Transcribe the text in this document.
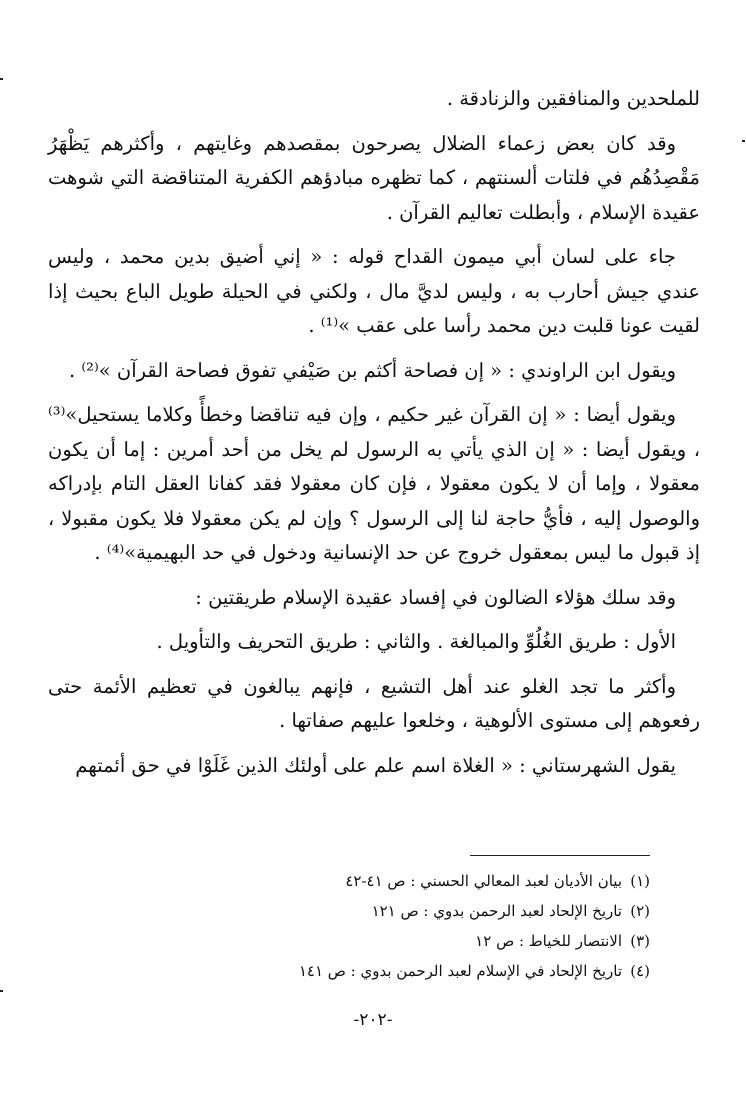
للملحدين والمنافقين والزنادقة .

وقد كان بعض زعماء الضلال يصرحون بمقصدهم وغايتهم ، وأكثرهم يَظْهَرُ مَقْصِدُهُم في فلتات ألسنتهم ، كما تظهره مبادؤهم الكفرية المتناقضة التي شوهت عقيدة الإسلام ، وأبطلت تعاليم القرآن .

جاء على لسان أبي ميمون القداح قوله : « إني أضيق بدين محمد ، وليس عندي جيش أحارب به ، وليس لديَّ مال ، ولكني في الحيلة طويل الباع بحيث إذا لقيت عونا قلبت دين محمد رأسا على عقب »⁽¹⁾ .

ويقول ابن الراوندي : « إن فصاحة أكثم بن صَيْفي تفوق فصاحة القرآن »⁽²⁾ .

ويقول أيضا : « إن القرآن غير حكيم ، وإن فيه تناقضا وخطأً وكلاما يستحيل»⁽³⁾ ، ويقول أيضا : « إن الذي يأتي به الرسول لم يخل من أحد أمرين : إما أن يكون معقولا ، وإما أن لا يكون معقولا ، فإن كان معقولا فقد كفانا العقل التام بإدراكه والوصول إليه ، فأيُّ حاجة لنا إلى الرسول ؟ وإن لم يكن معقولا فلا يكون مقبولا ، إذ قبول ما ليس بمعقول خروج عن حد الإنسانية ودخول في حد البهيمية»⁽⁴⁾ .

وقد سلك هؤلاء الضالون في إفساد عقيدة الإسلام طريقتين :

الأول : طريق الغُلُوِّ والمبالغة . والثاني : طريق التحريف والتأويل .

وأكثر ما تجد الغلو عند أهل التشيع ، فإنهم يبالغون في تعظيم الأئمة حتى رفعوهم إلى مستوى الألوهية ، وخلعوا عليهم صفاتها .

يقول الشهرستاني : « الغلاة اسم علم على أولئك الذين غَلَوْا في حق أئمتهم

(١)
بيان الأديان لعبد المعالي الحسني : ص ٤١-٤٢
(٢)
تاريخ الإلحاد لعبد الرحمن بدوي : ص ١٢١
(٣)
الانتصار للخياط : ص ١٢
(٤)
تاريخ الإلحاد في الإسلام لعبد الرحمن بدوي : ص ١٤١
-٢٠٢-
